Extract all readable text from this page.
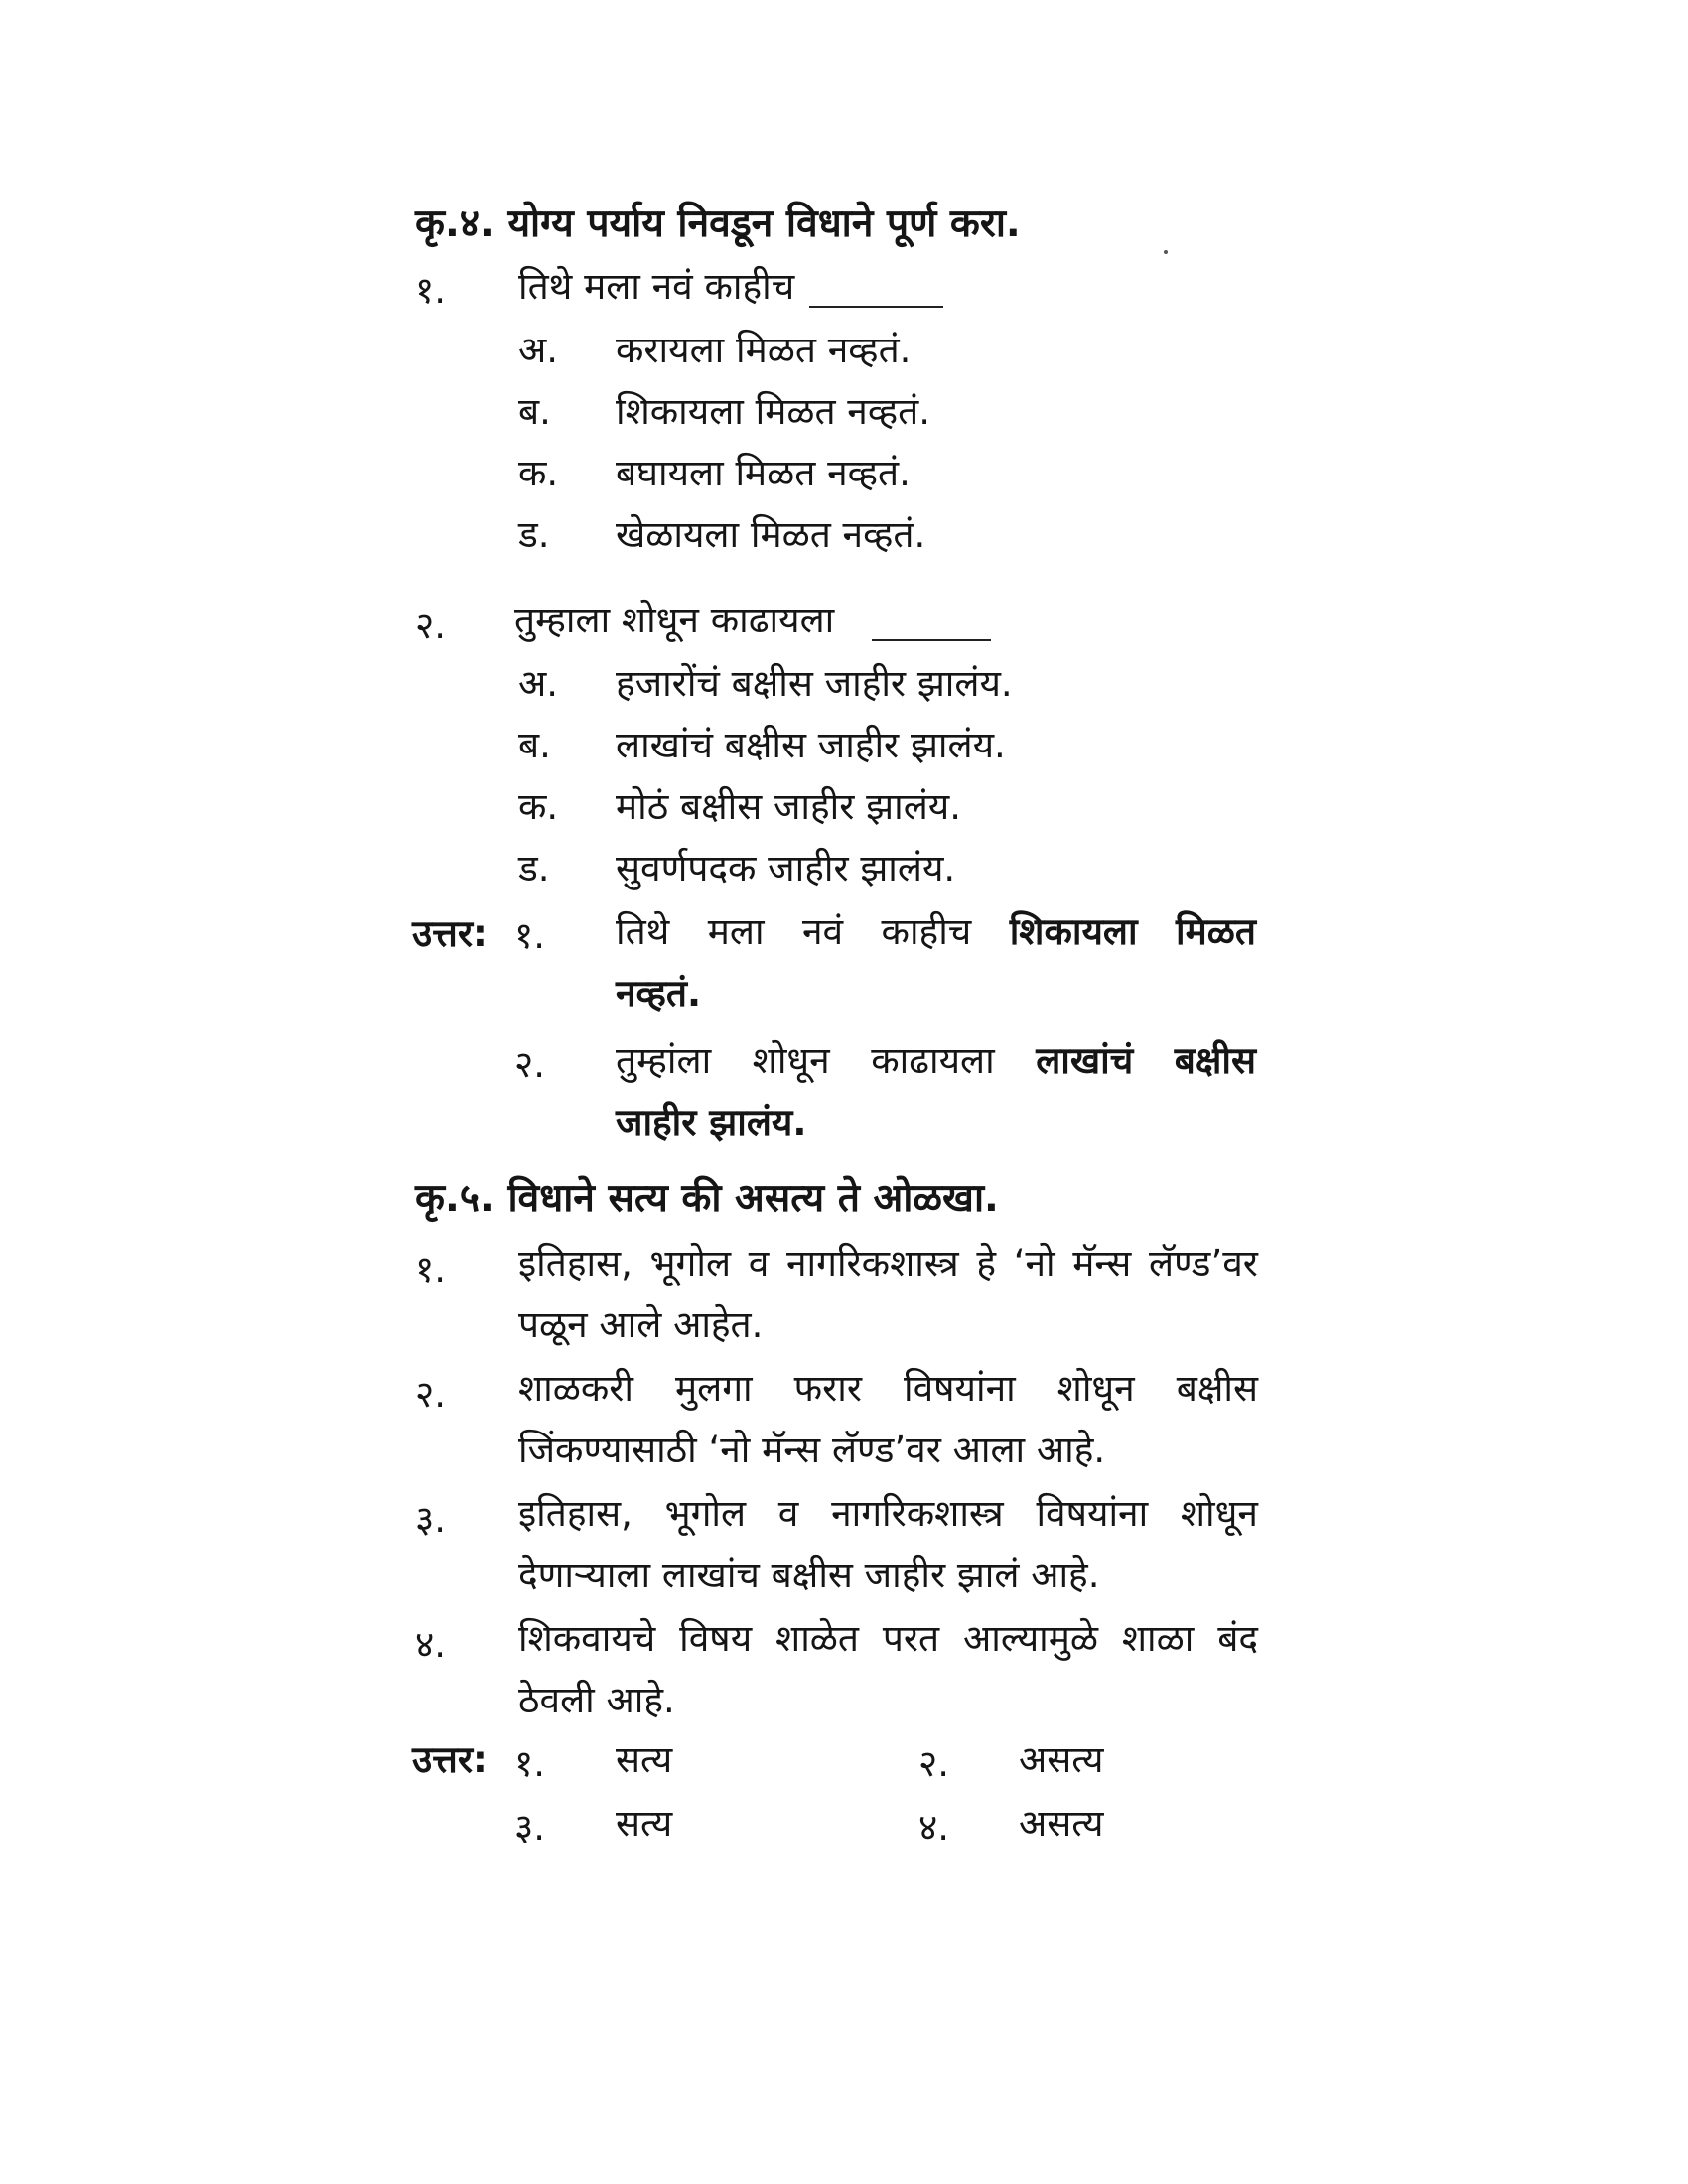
कृ.४. योग्य पर्याय निवडून विधाने पूर्ण करा.
१. तिथे मला नवं काहीच
अ. करायला मिळत नव्हतं.
ब. शिकायला मिळत नव्हतं.
क. बघायला मिळत नव्हतं.
ड. खेळायला मिळत नव्हतं.
२. तुम्हाला शोधून काढायला
अ. हजारोंचं बक्षीस जाहीर झालंय.
ब. लाखांचं बक्षीस जाहीर झालंय.
क. मोठं बक्षीस जाहीर झालंय.
ड. सुवर्णपदक जाहीर झालंय.
उत्तर: १. तिथे मला नवं काहीच शिकायला मिळत
नव्हतं.
२. तुम्हांला शोधून काढायला लाखांचं बक्षीस
जाहीर झालंय.
कृ.५. विधाने सत्य की असत्य ते ओळखा.
१. इतिहास, भूगोल व नागरिकशास्त्र हे ‘नो मॅन्स लॅण्ड’वर
पळून आले आहेत.
२. शाळकरी मुलगा फरार विषयांना शोधून बक्षीस
जिंकण्यासाठी ‘नो मॅन्स लॅण्ड’वर आला आहे.
३. इतिहास, भूगोल व नागरिकशास्त्र विषयांना शोधून
देणाऱ्याला लाखांच बक्षीस जाहीर झालं आहे.
४. शिकवायचे विषय शाळेत परत आल्यामुळे शाळा बंद
ठेवली आहे.
उत्तर: १. सत्य	२. असत्य
३. सत्य	४. असत्य
